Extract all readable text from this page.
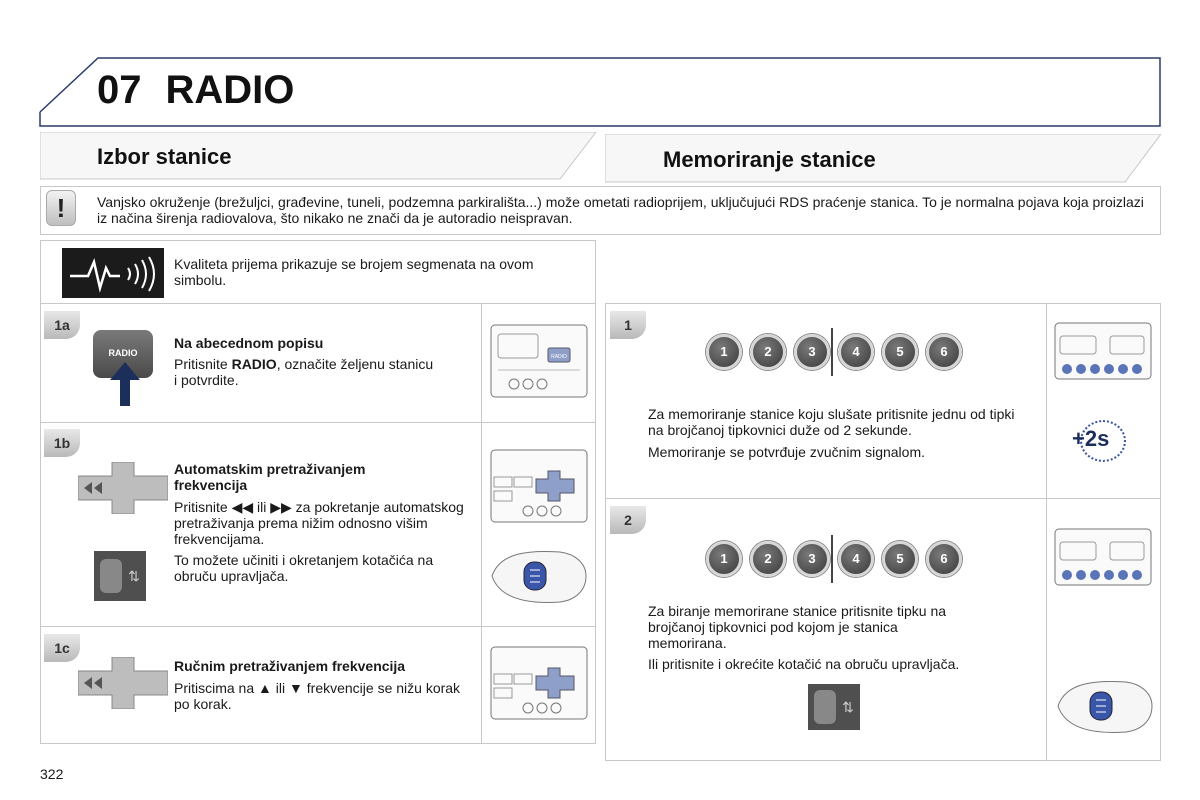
07 RADIO
Izbor stanice	Memoriranje stanice
!	Vanjsko okruženje (brežuljci, građevine, tuneli, podzemna parkirališta...) može ometati radioprijem, uključujući RDS praćenje stanica. To je normalna pojava koja proizlazi iz načina širenja radiovalova, što nikako ne znači da je autoradio neispravan.
Kvaliteta prijema prikazuje se brojem segmenata na ovom simbolu.
1a
RADIO
Na abecednom popisu
Pritisnite RADIO, označite željenu stanicu i potvrdite.
RADIO
1b
Automatskim pretraživanjem frekvencija
Pritisnite ◀◀ ili ▶▶ za pokretanje automatskog pretraživanja prema nižim odnosno višim frekvencijama.
To možete učiniti i okretanjem kotačića na obruču upravljača.
⇅
1c
Ručnim pretraživanjem frekvencija
Pritiscima na ▲ ili ▼ frekvencije se nižu korak po korak.
1
1	2	3	4	5	6
Za memoriranje stanice koju slušate pritisnite jednu od tipki na brojčanoj tipkovnici duže od 2 sekunde.
Memoriranje se potvrđuje zvučnim signalom.
+2s
2
1	2	3	4	5	6
Za biranje memorirane stanice pritisnite tipku na brojčanoj tipkovnici pod kojom je stanica memorirana.
Ili pritisnite i okrećite kotačić na obruču upravljača.
⇅
322
